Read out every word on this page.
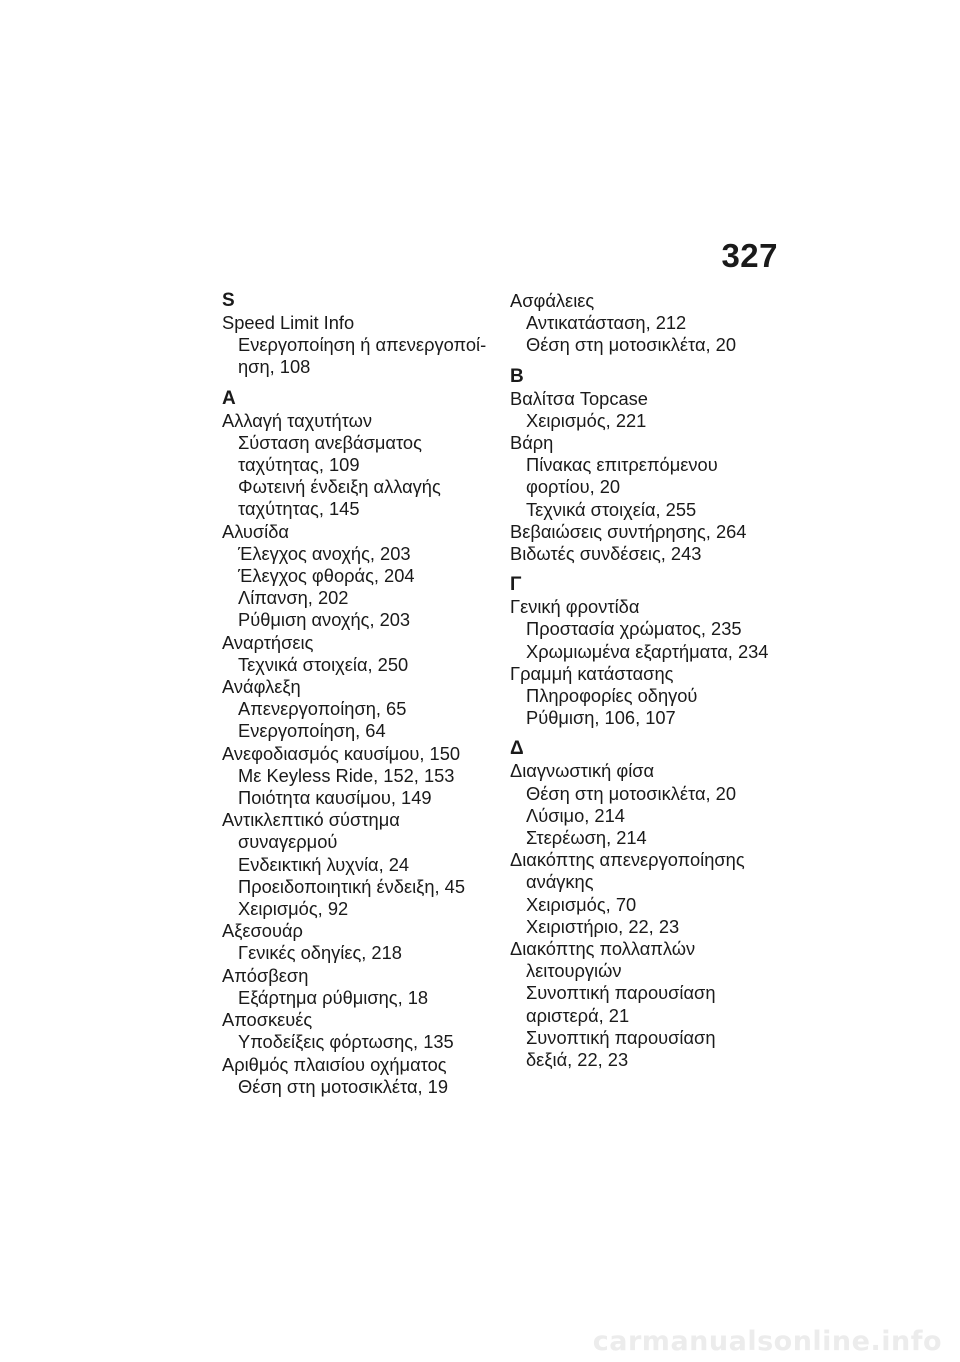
327
S
Speed Limit Info
Ενεργοποίηση ή απενεργοποί-
ηση, 108
Α
Αλλαγή ταχυτήτων
Σύσταση ανεβάσματος
ταχύτητας, 109
Φωτεινή ένδειξη αλλαγής
ταχύτητας, 145
Αλυσίδα
Έλεγχος ανοχής, 203
Έλεγχος φθοράς, 204
Λίπανση, 202
Ρύθμιση ανοχής, 203
Αναρτήσεις
Τεχνικά στοιχεία, 250
Ανάφλεξη
Απενεργοποίηση, 65
Ενεργοποίηση, 64
Ανεφοδιασμός καυσίμου, 150
Με Keyless Ride, 152, 153
Ποιότητα καυσίμου, 149
Αντικλεπτικό σύστημα
συναγερμού
Ενδεικτική λυχνία, 24
Προειδοποιητική ένδειξη, 45
Χειρισμός, 92
Αξεσουάρ
Γενικές οδηγίες, 218
Απόσβεση
Εξάρτημα ρύθμισης, 18
Αποσκευές
Υποδείξεις φόρτωσης, 135
Αριθμός πλαισίου οχήματος
Θέση στη μοτοσικλέτα, 19
Ασφάλειες
Αντικατάσταση, 212
Θέση στη μοτοσικλέτα, 20
Β
Βαλίτσα Topcase
Χειρισμός, 221
Βάρη
Πίνακας επιτρεπόμενου
φορτίου, 20
Τεχνικά στοιχεία, 255
Βεβαιώσεις συντήρησης, 264
Βιδωτές συνδέσεις, 243
Γ
Γενική φροντίδα
Προστασία χρώματος, 235
Χρωμιωμένα εξαρτήματα, 234
Γραμμή κατάστασης
Πληροφορίες οδηγού
Ρύθμιση, 106, 107
Δ
Διαγνωστική φίσα
Θέση στη μοτοσικλέτα, 20
Λύσιμο, 214
Στερέωση, 214
Διακόπτης απενεργοποίησης
ανάγκης
Χειρισμός, 70
Χειριστήριο, 22, 23
Διακόπτης πολλαπλών
λειτουργιών
Συνοπτική παρουσίαση
αριστερά, 21
Συνοπτική παρουσίαση
δεξιά, 22, 23
carmanualsonline.info
